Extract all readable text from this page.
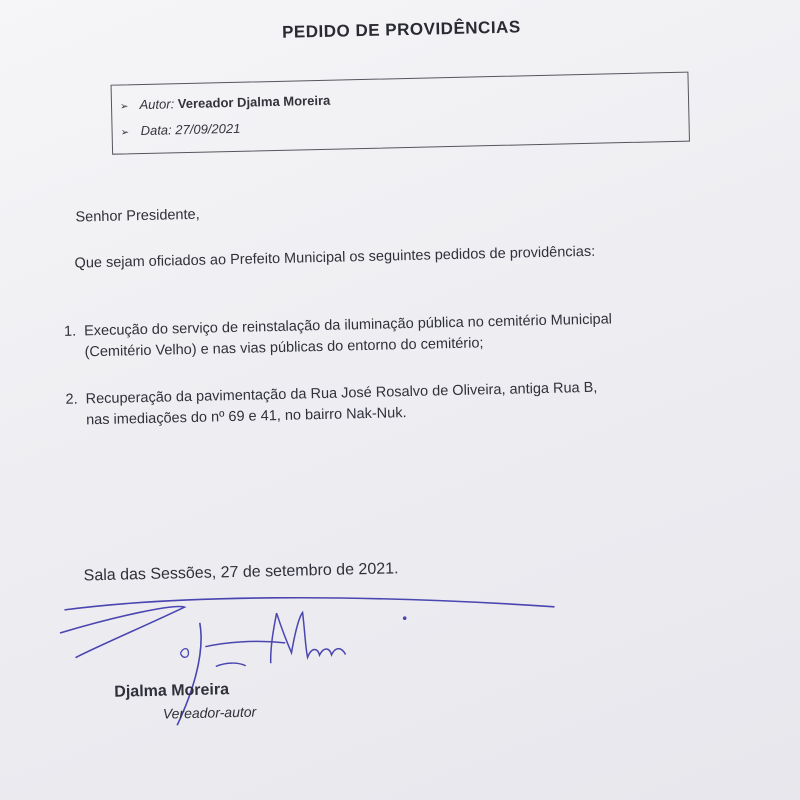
PEDIDO DE PROVIDÊNCIAS
➢ Autor: Vereador Djalma Moreira
➢ Data: 27/09/2021
Senhor Presidente,
Que sejam oficiados ao Prefeito Municipal os seguintes pedidos de providências:
1. Execução do serviço de reinstalação da iluminação pública no cemitério Municipal
(Cemitério Velho) e nas vias públicas do entorno do cemitério;
2. Recuperação da pavimentação da Rua José Rosalvo de Oliveira, antiga Rua B,
nas imediações do nº 69 e 41, no bairro Nak-Nuk.
Sala das Sessões, 27 de setembro de 2021.
Djalma Moreira
Vereador-autor
